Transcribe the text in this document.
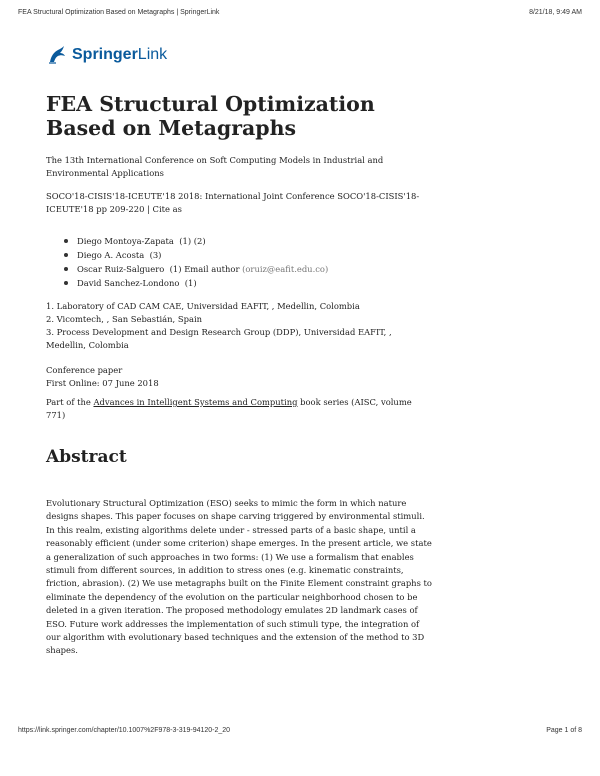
FEA Structural Optimization Based on Metagraphs | SpringerLink	8/21/18, 9:49 AM
SpringerLink
FEA Structural Optimization Based on Metagraphs
The 13th International Conference on Soft Computing Models in Industrial and Environmental Applications
SOCO'18-CISIS'18-ICEUTE'18 2018: International Joint Conference SOCO'18-CISIS'18-ICEUTE'18 pp 209-220 | Cite as
Diego Montoya-Zapata (1) (2)
Diego A. Acosta (3)
Oscar Ruiz-Salguero (1) Email author (oruiz@eafit.edu.co)
David Sanchez-Londono (1)
1. Laboratory of CAD CAM CAE, Universidad EAFIT, , Medellin, Colombia
2. Vicomtech, , San Sebastián, Spain
3. Process Development and Design Research Group (DDP), Universidad EAFIT, , Medellin, Colombia
Conference paper
First Online: 07 June 2018
Part of the Advances in Intelligent Systems and Computing book series (AISC, volume 771)
Abstract
Evolutionary Structural Optimization (ESO) seeks to mimic the form in which nature designs shapes. This paper focuses on shape carving triggered by environmental stimuli. In this realm, existing algorithms delete under - stressed parts of a basic shape, until a reasonably efficient (under some criterion) shape emerges. In the present article, we state a generalization of such approaches in two forms: (1) We use a formalism that enables stimuli from different sources, in addition to stress ones (e.g. kinematic constraints, friction, abrasion). (2) We use metagraphs built on the Finite Element constraint graphs to eliminate the dependency of the evolution on the particular neighborhood chosen to be deleted in a given iteration. The proposed methodology emulates 2D landmark cases of ESO. Future work addresses the implementation of such stimuli type, the integration of our algorithm with evolutionary based techniques and the extension of the method to 3D shapes.
https://link.springer.com/chapter/10.1007%2F978-3-319-94120-2_20	Page 1 of 8
